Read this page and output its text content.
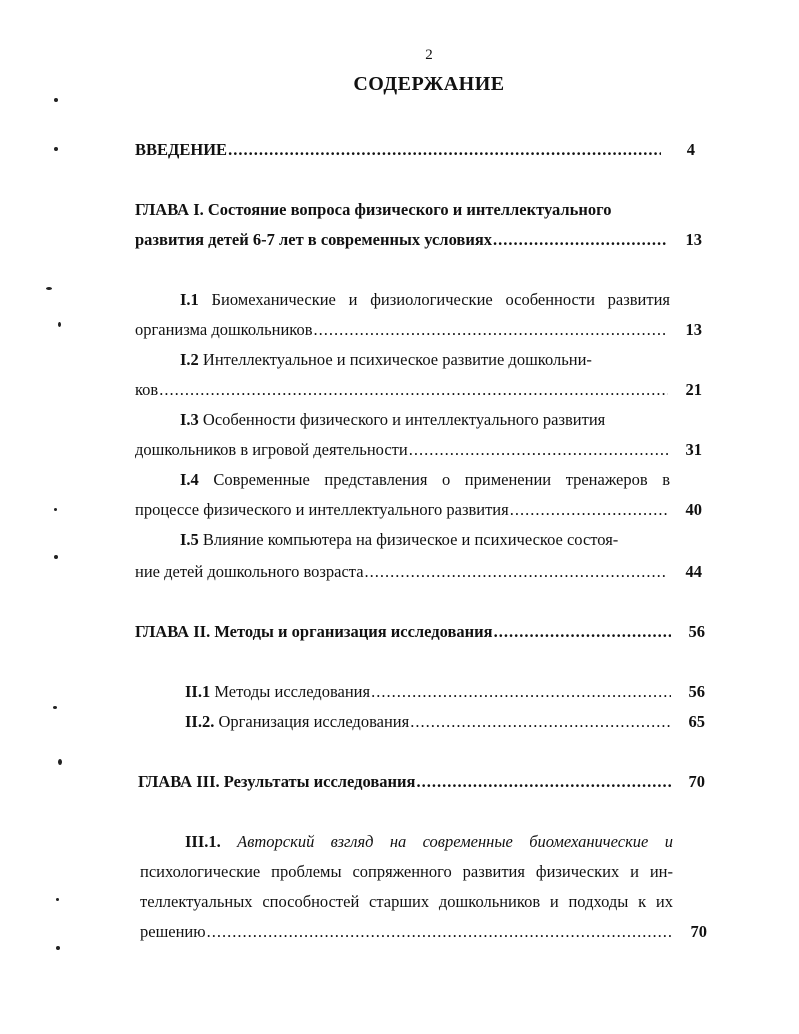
2
СОДЕРЖАНИЕ
ВВЕДЕНИЕ .....	4
ГЛАВА I. Состояние вопроса физического и интеллектуального
развития детей 6-7 лет в современных условиях .....	13
I.1 Биомеханические и физиологические особенности развития
организма дошкольников .....	13
I.2 Интеллектуальное и психическое развитие дошкольни-
ков .....	21
I.3 Особенности физического и интеллектуального развития
дошкольников в игровой деятельности .....	31
I.4 Современные представления о применении тренажеров в
процессе физического и интеллектуального развития .....	40
I.5 Влияние компьютера на физическое и психическое состоя-
ние детей дошкольного возраста .....	44
ГЛАВА II. Методы и организация исследования .....	56
II.1 Методы исследования .....	56
II.2. Организация исследования .....	65
ГЛАВА III. Результаты исследования .....	70
III.1. Авторский взгляд на современные биомеханические и
психологические проблемы сопряженного развития физических и ин-
теллектуальных способностей старших дошкольников и подходы к их
решению .....	70
